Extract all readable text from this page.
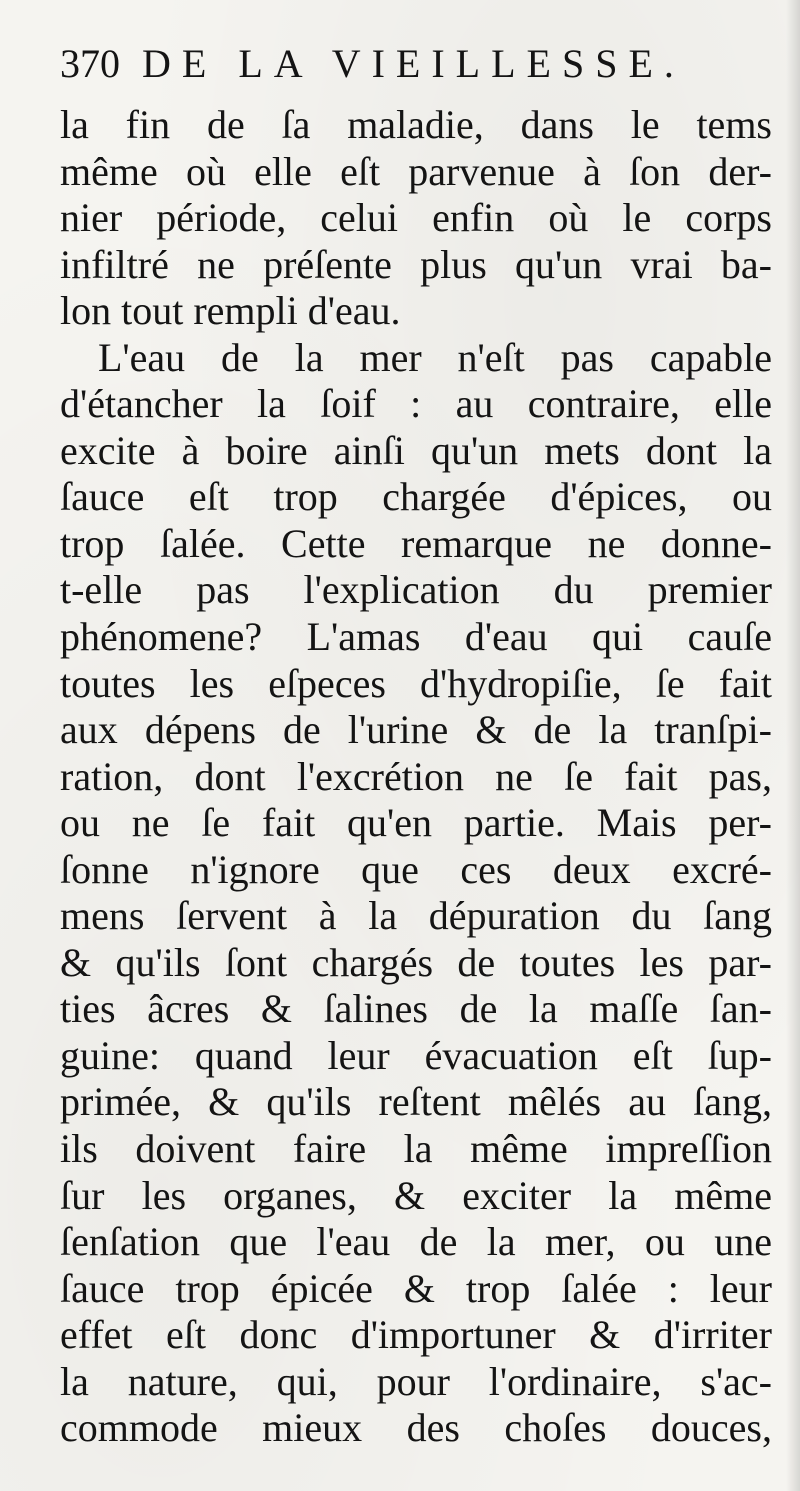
370 DE LA VIEILLESSE.
la fin de ſa maladie, dans le tems
même où elle eſt parvenue à ſon der-
nier période, celui enfin où le corps
infiltré ne préſente plus qu'un vrai ba-
lon tout rempli d'eau.
L'eau de la mer n'eſt pas capable
d'étancher la ſoif : au contraire, elle
excite à boire ainſi qu'un mets dont la
ſauce eſt trop chargée d'épices, ou
trop ſalée. Cette remarque ne donne-
t-elle pas l'explication du premier
phénomene? L'amas d'eau qui cauſe
toutes les eſpeces d'hydropiſie, ſe fait
aux dépens de l'urine & de la tranſpi-
ration, dont l'excrétion ne ſe fait pas,
ou ne ſe fait qu'en partie. Mais per-
ſonne n'ignore que ces deux excré-
mens ſervent à la dépuration du ſang
& qu'ils ſont chargés de toutes les par-
ties âcres & ſalines de la maſſe ſan-
guine: quand leur évacuation eſt ſup-
primée, & qu'ils reſtent mêlés au ſang,
ils doivent faire la même impreſſion
ſur les organes, & exciter la même
ſenſation que l'eau de la mer, ou une
ſauce trop épicée & trop ſalée : leur
effet eſt donc d'importuner & d'irriter
la nature, qui, pour l'ordinaire, s'ac-
commode mieux des choſes douces,
